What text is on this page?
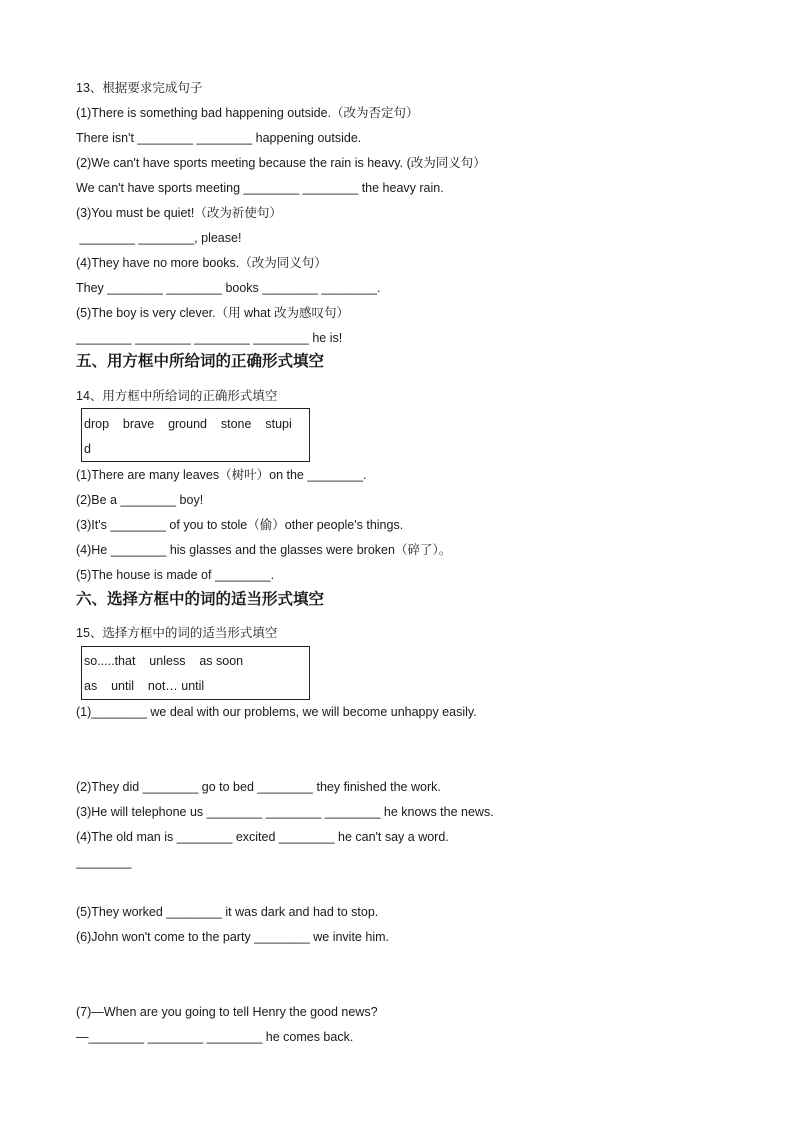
13、根据要求完成句子
(1)There is something bad happening outside.（改为否定句）
There isn't ________ ________ happening outside.
(2)We can't have sports meeting because the rain is heavy. (改为同义句）
We can't have sports meeting ________ ________ the heavy rain.
(3)You must be quiet!（改为祈使句）
________ ________, please!
(4)They have no more books.（改为同义句）
They ________ ________ books ________ ________.
(5)The boy is very clever.（用 what 改为感叹句）
________ ________ ________ ________ he is!
五、用方框中所给词的正确形式填空
14、用方框中所给词的正确形式填空
drop    brave    ground    stone    stupi
d
(1)There are many leaves（树叶）on the ________.
(2)Be a ________ boy!
(3)It's ________ of you to stole（偷）other people's things.
(4)He ________ his glasses and the glasses were broken（碎了）。
(5)The house is made of ________.
六、选择方框中的词的适当形式填空
15、选择方框中的词的适当形式填空
so.....that    unless    as soon
as    until    not… until
(1)________ we deal with our problems, we will become unhappy easily.
(2)They did ________ go to bed ________ they finished the work.
(3)He will telephone us ________ ________ ________ he knows the news.
(4)The old man is ________ excited ________ he can't say a word.
________
(5)They worked ________ it was dark and had to stop.
(6)John won't come to the party ________ we invite him.
(7)—When are you going to tell Henry the good news?
—________ ________ ________ he comes back.
